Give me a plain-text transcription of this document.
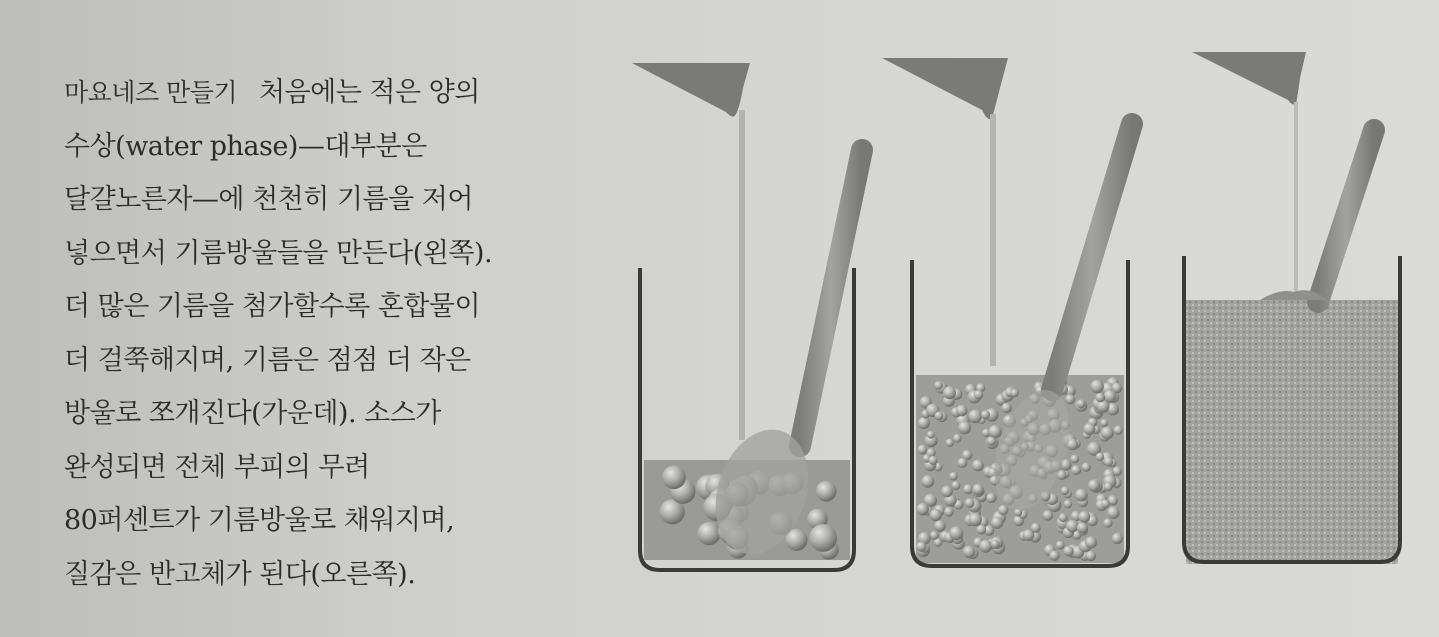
마요네즈 만들기 처음에는 적은 양의
수상(water phase)—대부분은
달걀노른자—에 천천히 기름을 저어
넣으면서 기름방울들을 만든다(왼쪽).
더 많은 기름을 첨가할수록 혼합물이
더 걸쭉해지며, 기름은 점점 더 작은
방울로 쪼개진다(가운데). 소스가
완성되면 전체 부피의 무려
80퍼센트가 기름방울로 채워지며,
질감은 반고체가 된다(오른쪽).
